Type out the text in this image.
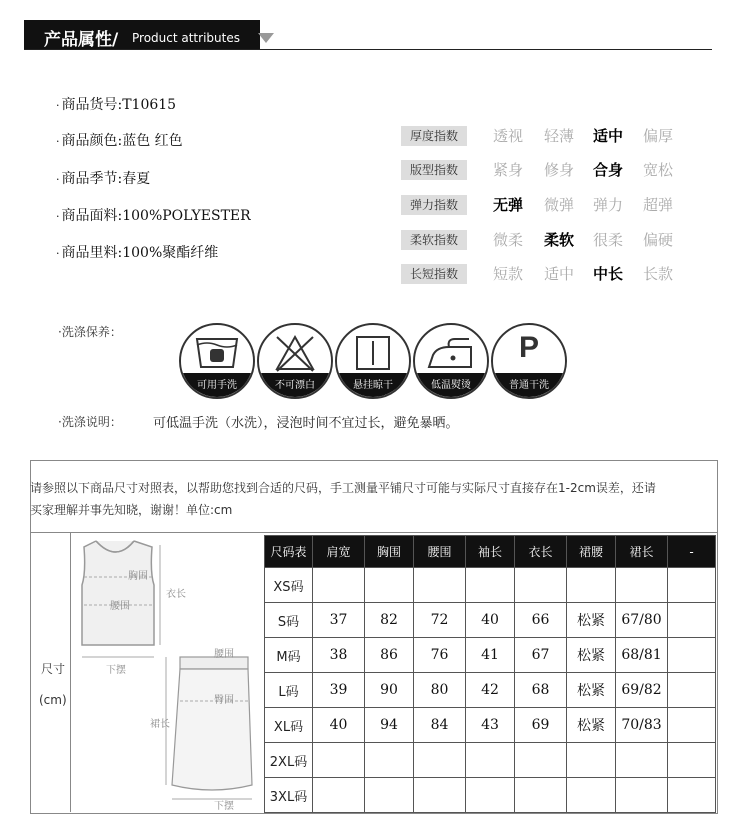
产品属性/ Product attributes
· 商品货号:T10615
· 商品颜色:蓝色 红色
· 商品季节:春夏
· 商品面料:100%POLYESTER
· 商品里料:100%聚酯纤维
厚度指数	透视	轻薄	适中	偏厚
版型指数	紧身	修身	合身	宽松
弹力指数	无弹	微弹	弹力	超弹
柔软指数	微柔	柔软	很柔	偏硬
长短指数	短款	适中	中长	长款
·洗涤保养：
可用手洗	不可漂白	悬挂晾干	低温熨烫
P
普通干洗
·洗涤说明： 可低温手洗（水洗），浸泡时间不宜过长，避免暴晒。
请参照以下商品尺寸对照表，以帮助您找到合适的尺码，手工测量平铺尺寸可能与实际尺寸直接存在1-2cm误差，还请
买家理解并事先知晓，谢谢！单位:cm
尺寸
(cm)
胸围
衣长
腰围
下摆
腰围
臀围
裙长
下摆
尺码表	肩宽	胸围	腰围	袖长	衣长	裙腰	裙长	-
XS码								
S码	37	82	72	40	66	松紧	67/80	
M码	38	86	76	41	67	松紧	68/81	
L码	39	90	80	42	68	松紧	69/82	
XL码	40	94	84	43	69	松紧	70/83	
2XL码								
3XL码								
